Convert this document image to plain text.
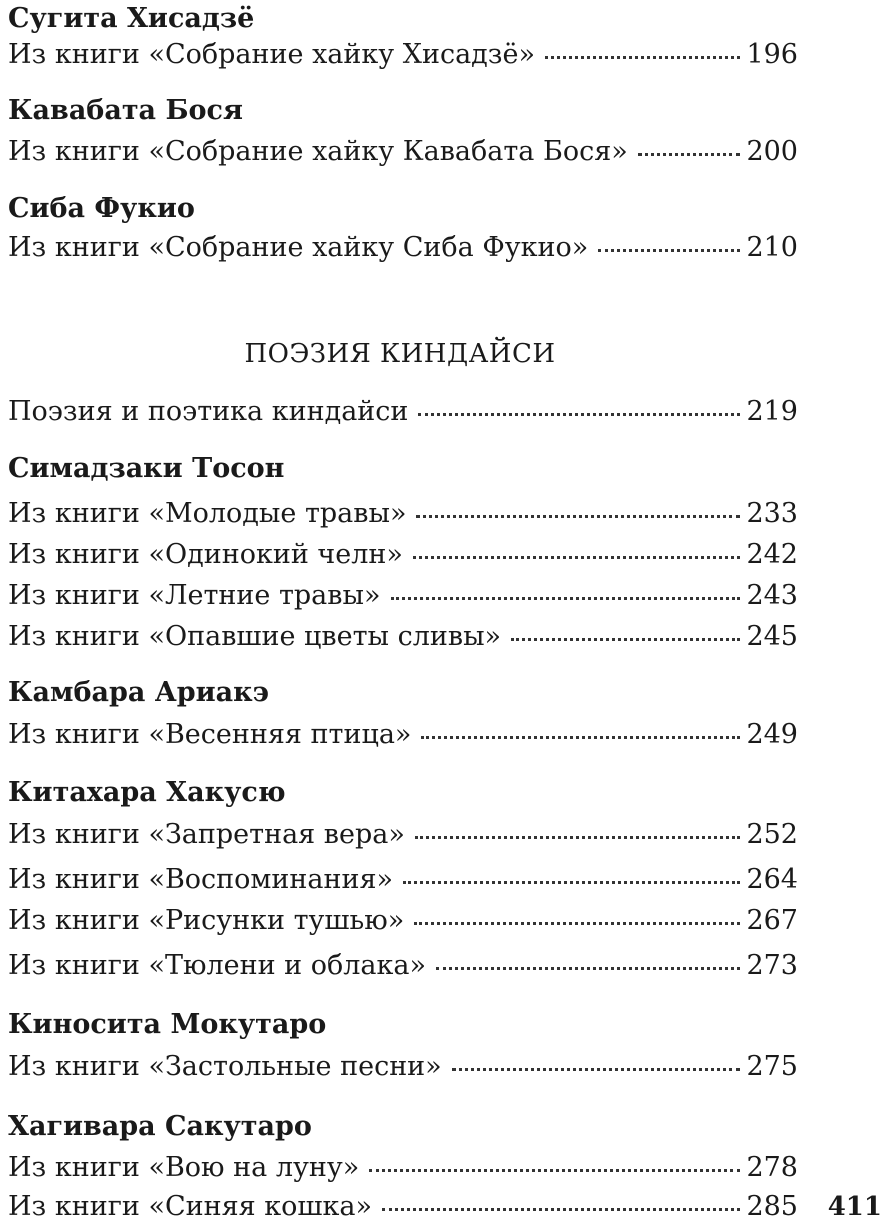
Сугита Хисадзё
Из книги «Собрание хайку Хисадзё»	196
Кавабата Бося
Из книги «Собрание хайку Кавабата Бося»	200
Сиба Фукио
Из книги «Собрание хайку Сиба Фукио»	210
ПОЭЗИЯ КИНДАЙСИ
Поэзия и поэтика киндайси	219
Симадзаки Тосон
Из книги «Молодые травы»	233
Из книги «Одинокий челн»	242
Из книги «Летние травы»	243
Из книги «Опавшие цветы сливы»	245
Камбара Ариакэ
Из книги «Весенняя птица»	249
Китахара Хакусю
Из книги «Запретная вера»	252
Из книги «Воспоминания»	264
Из книги «Рисунки тушью»	267
Из книги «Тюлени и облака»	273
Киносита Мокутаро
Из книги «Застольные песни»	275
Хагивара Сакутаро
Из книги «Вою на луну»	278
Из книги «Синяя кошка»	285 411
